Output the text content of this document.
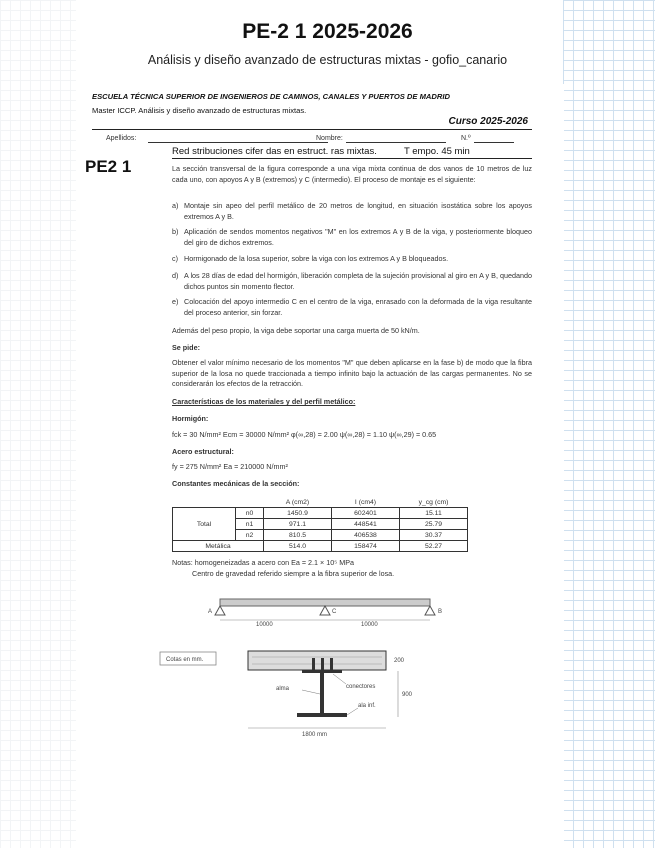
PE-2 1 2025-2026
Análisis y diseño avanzado de estructuras mixtas - gofio_canario
ESCUELA TÉCNICA SUPERIOR DE INGENIEROS DE CAMINOS, CANALES Y PUERTOS DE MADRID
Master ICCP. Análisis y diseño avanzado de estructuras mixtas.
Curso 2025-2026
Apellidos:	Nombre:	N.º
PE2 1
Red stribuciones cifer das en estruct. ras mixtas.	T empo. 45 min
La sección transversal de la figura corresponde a una viga mixta continua de dos vanos de 10 metros de luz cada uno, con apoyos A y B (extremos) y C (intermedio). El proceso de montaje es el siguiente:
a) Montaje sin apeo del perfil metálico de 20 metros de longitud, en situación isostática sobre los apoyos extremos A y B.
b) Aplicación de sendos momentos negativos "M" en los extremos A y B de la viga, y posteriormente bloqueo del giro de dichos extremos.
c) Hormigonado de la losa superior, sobre la viga con los extremos A y B bloqueados.
d) A los 28 días de edad del hormigón, liberación completa de la sujeción provisional al giro en A y B, quedando dichos puntos sin momento flector.
e) Colocación del apoyo intermedio C en el centro de la viga, enrasado con la deformada de la viga resultante del proceso anterior, sin forzar.
Además del peso propio, la viga debe soportar una carga muerta de 50 kN/m.
Se pide:
Obtener el valor mínimo necesario de los momentos "M" que deben aplicarse en la fase b) de modo que la fibra superior de la losa no quede traccionada a tiempo infinito bajo la actuación de las cargas permanentes. No se considerarán los efectos de la retracción.
Características de los materiales y del perfil metálico:
Hormigón:
fck = 30 N/mm² Ecm = 30000 N/mm² φ(∞,28) = 2.00 ψ(∞,28) = 1.10 ψ(∞,29) = 0.65
Acero estructural:
fy = 275 N/mm² Ea = 210000 N/mm²
Constantes mecánicas de la sección:
		A (cm2)	I (cm4)	y_cg (cm)
Total	n0	1450.9	602401	15.11
	n1	971.1	448541	25.79
	n2	810.5	406538	30.37
Metálica		514.0	158474	52.27
Notas: homogeneizadas a acero con Ea = 2.1 × 10⁵ MPa
Centro de gravedad referido siempre a la fibra superior de losa.
A	C	B
10000	10000
Cotas en mm.	200
900
1800 mm
conectores
alma
ala inf.
